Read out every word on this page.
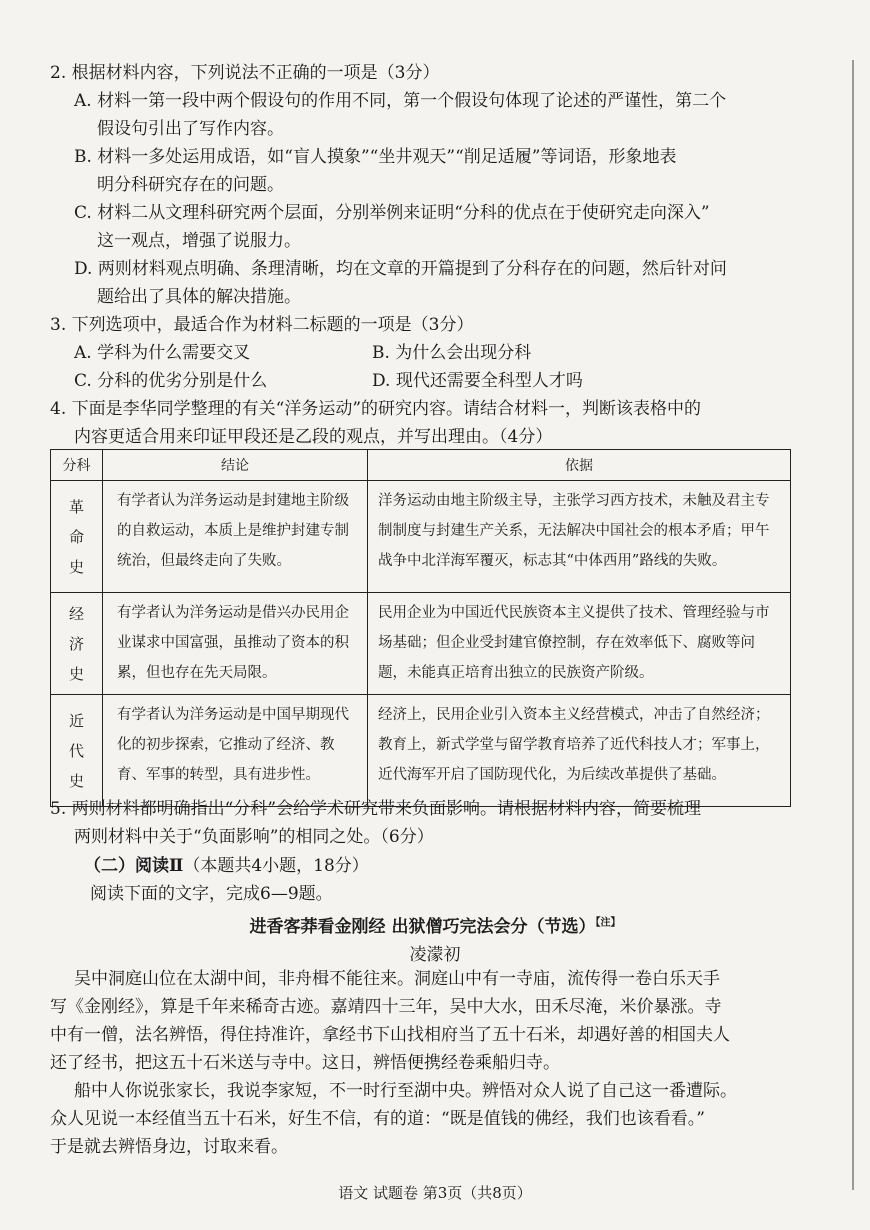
2. 根据材料内容，下列说法不正确的一项是（3分）
A. 材料一第一段中两个假设句的作用不同，第一个假设句体现了论述的严谨性，第二个
假设句引出了写作内容。
B. 材料一多处运用成语，如“盲人摸象”“坐井观天”“削足适履”等词语，形象地表
明分科研究存在的问题。
C. 材料二从文理科研究两个层面，分别举例来证明“分科的优点在于使研究走向深入”
这一观点，增强了说服力。
D. 两则材料观点明确、条理清晰，均在文章的开篇提到了分科存在的问题，然后针对问
题给出了具体的解决措施。
3. 下列选项中，最适合作为材料二标题的一项是（3分）
A. 学科为什么需要交叉	B. 为什么会出现分科
C. 分科的优劣分别是什么	D. 现代还需要全科型人才吗
4. 下面是李华同学整理的有关“洋务运动”的研究内容。请结合材料一，判断该表格中的
内容更适合用来印证甲段还是乙段的观点，并写出理由。（4分）
分科	结论	依据

革
命
史	有学者认为洋务运动是封建地主阶级的自救运动，本质上是维护封建专制统治，但最终走向了失败。	洋务运动由地主阶级主导，主张学习西方技术，未触及君主专制制度与封建生产关系，无法解决中国社会的根本矛盾；甲午战争中北洋海军覆灭，标志其“中体西用”路线的失败。

经
济
史	有学者认为洋务运动是借兴办民用企业谋求中国富强，虽推动了资本的积累，但也存在先天局限。	民用企业为中国近代民族资本主义提供了技术、管理经验与市场基础；但企业受封建官僚控制，存在效率低下、腐败等问题，未能真正培育出独立的民族资产阶级。

近
代
史	有学者认为洋务运动是中国早期现代化的初步探索，它推动了经济、教育、军事的转型，具有进步性。	经济上，民用企业引入资本主义经营模式，冲击了自然经济；教育上，新式学堂与留学教育培养了近代科技人才；军事上，近代海军开启了国防现代化，为后续改革提供了基础。
5. 两则材料都明确指出“分科”会给学术研究带来负面影响。请根据材料内容，简要梳理
两则材料中关于“负面影响”的相同之处。（6分）
（二）阅读Ⅱ（本题共4小题，18分）
阅读下面的文字，完成6—9题。
进香客莽看金刚经 出狱僧巧完法会分（节选）$^{【注】}$
凌濛初
吴中洞庭山位在太湖中间，非舟楫不能往来。洞庭山中有一寺庙，流传得一卷白乐天手
写《金刚经》，算是千年来稀奇古迹。嘉靖四十三年，吴中大水，田禾尽淹，米价暴涨。寺
中有一僧，法名辨悟，得住持准许，拿经书下山找相府当了五十石米，却遇好善的相国夫人
还了经书，把这五十石米送与寺中。这日，辨悟便携经卷乘船归寺。
船中人你说张家长，我说李家短，不一时行至湖中央。辨悟对众人说了自己这一番遭际。
众人见说一本经值当五十石米，好生不信，有的道：“既是值钱的佛经，我们也该看看。”
于是就去辨悟身边，讨取来看。
语文 试题卷 第3页（共8页）
